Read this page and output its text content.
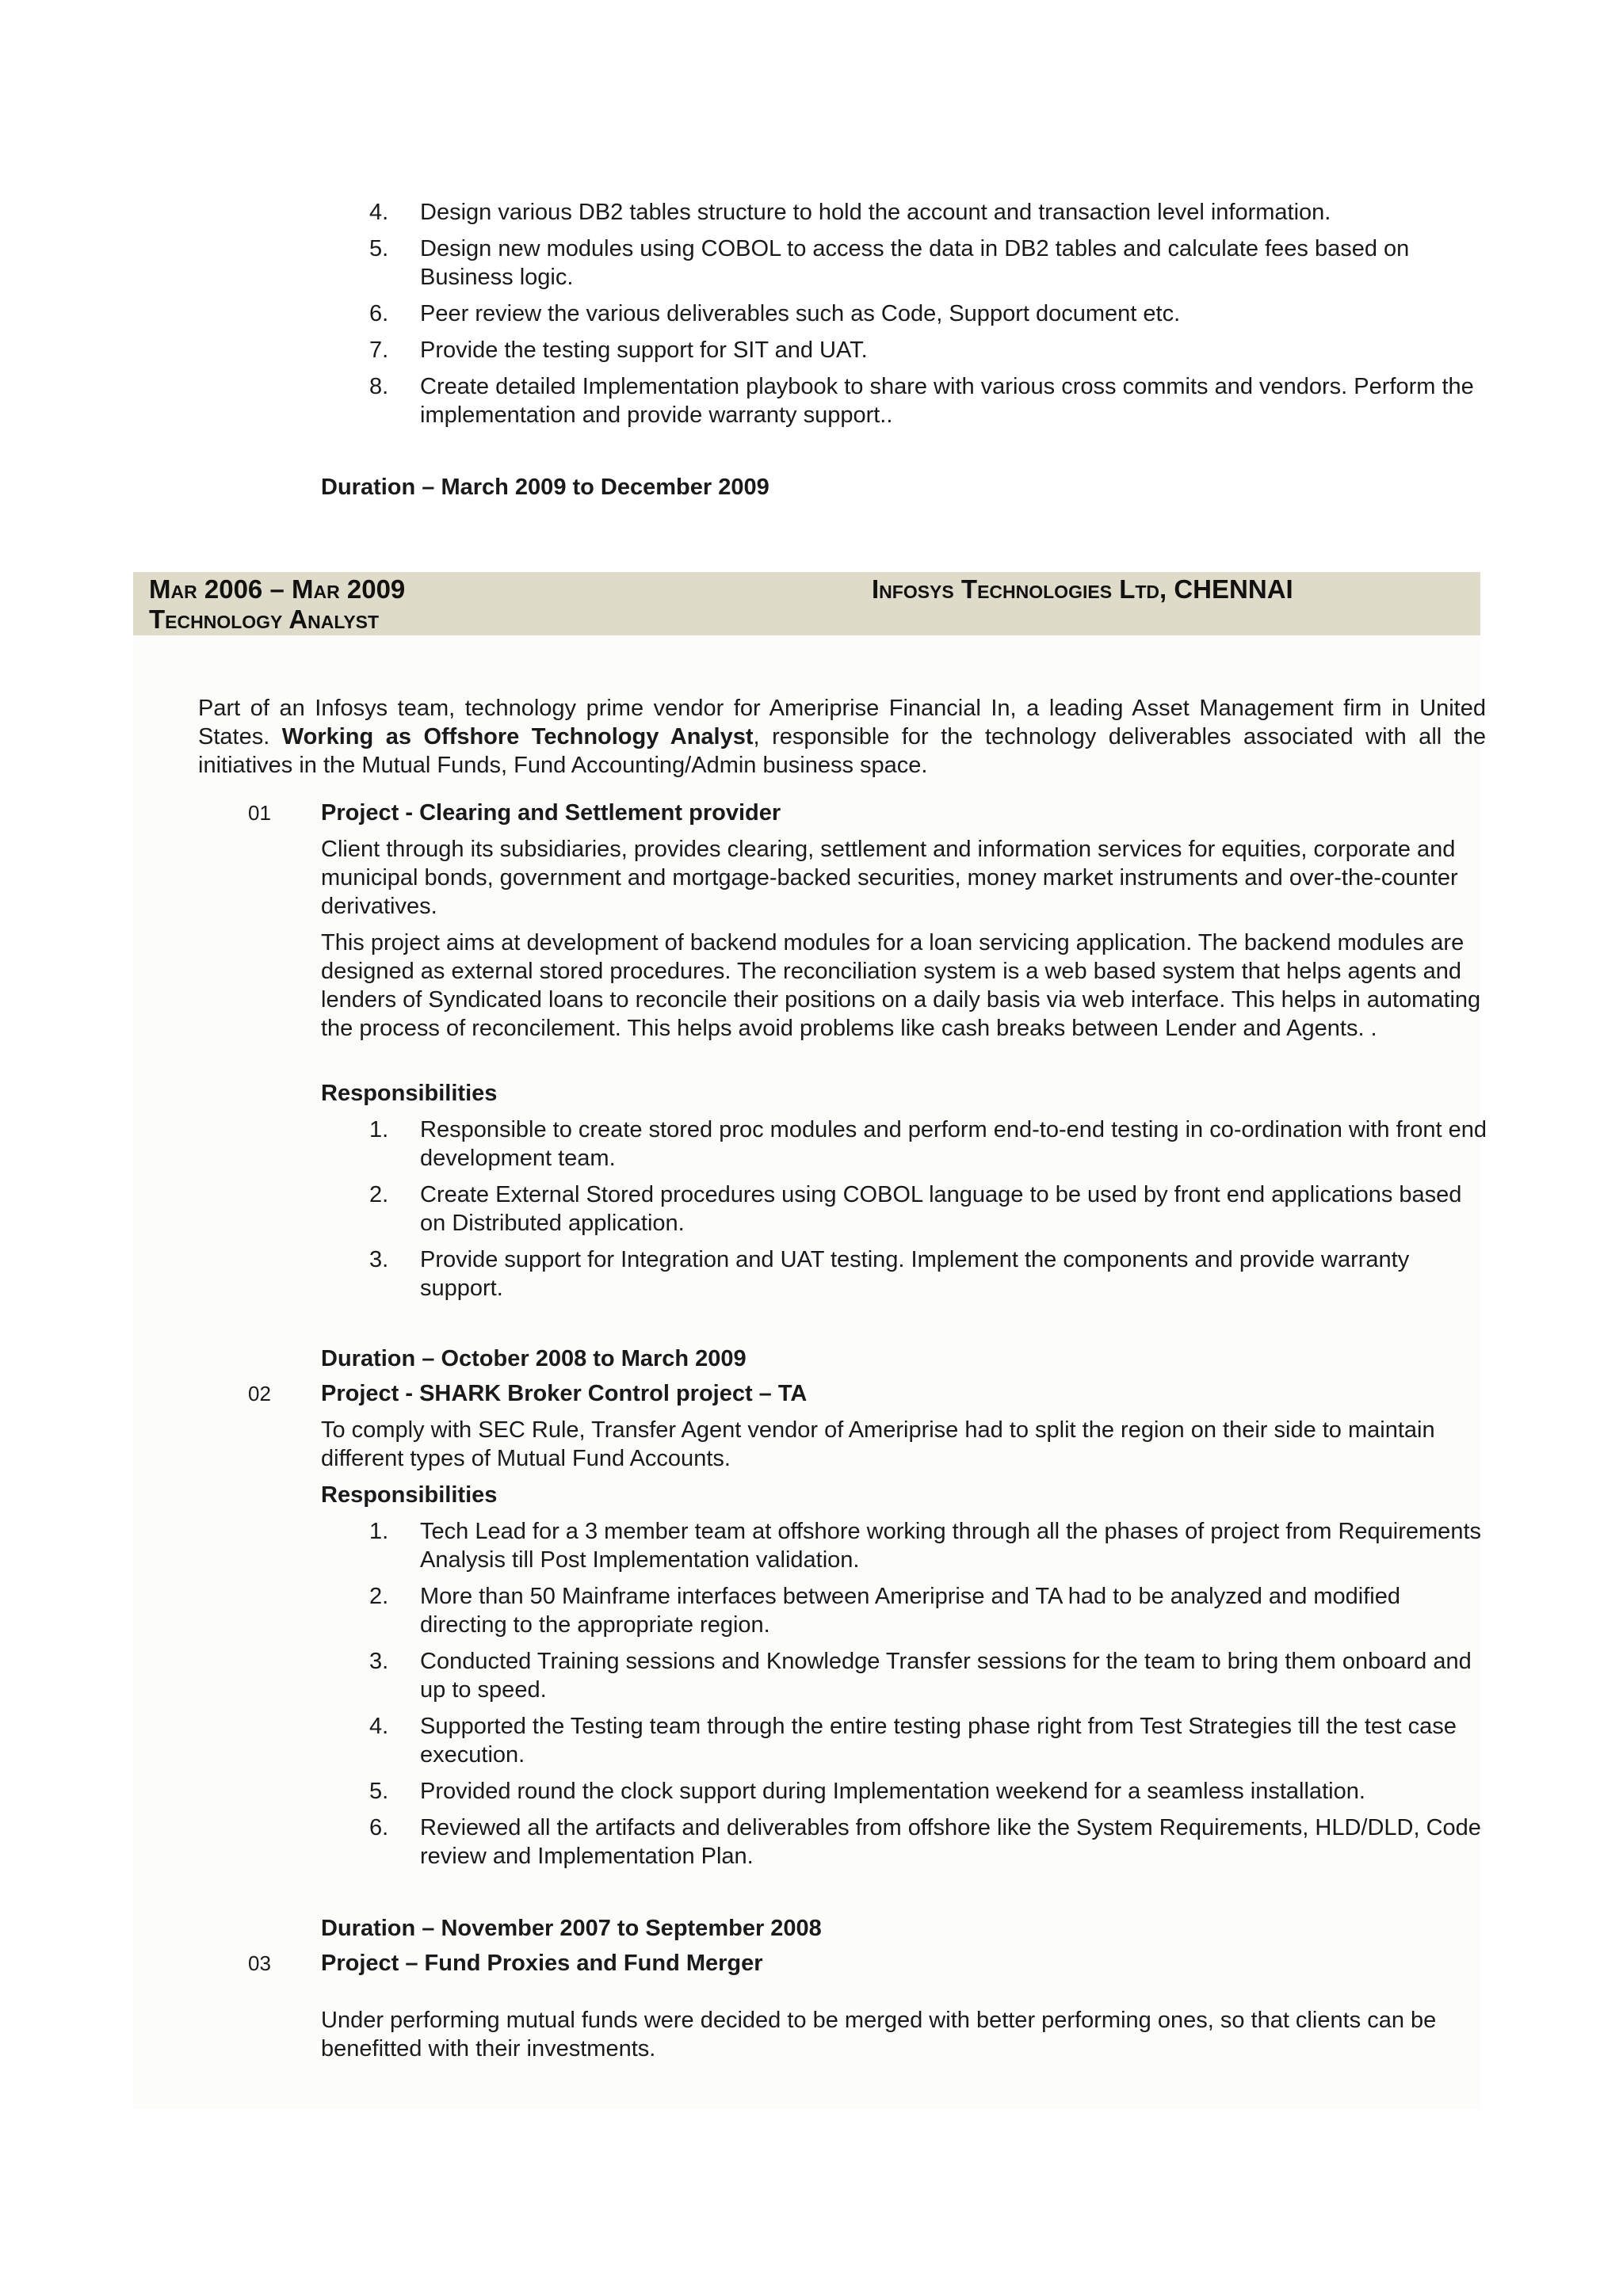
4.	Design various DB2 tables structure to hold the account and transaction level information.
5.	Design new modules using COBOL to access the data in DB2 tables and calculate fees based on Business logic.
6.	Peer review the various deliverables such as Code, Support document etc.
7.	Provide the testing support for SIT and UAT.
8.	Create detailed Implementation playbook to share with various cross commits and vendors. Perform the implementation and provide warranty support..
Duration – March 2009 to December 2009
Mar 2006 – Mar 2009	Infosys Technologies Ltd, CHENNAI
Technology Analyst
Part of an Infosys team, technology prime vendor for Ameriprise Financial In, a leading Asset Management firm in United States. Working as Offshore Technology Analyst, responsible for the technology deliverables associated with all the initiatives in the Mutual Funds, Fund Accounting/Admin business space.
01 Project - Clearing and Settlement provider
Client through its subsidiaries, provides clearing, settlement and information services for equities, corporate and municipal bonds, government and mortgage-backed securities, money market instruments and over-the-counter derivatives.
This project aims at development of backend modules for a loan servicing application. The backend modules are designed as external stored procedures. The reconciliation system is a web based system that helps agents and lenders of Syndicated loans to reconcile their positions on a daily basis via web interface. This helps in automating the process of reconcilement. This helps avoid problems like cash breaks between Lender and Agents. .
Responsibilities
1.	Responsible to create stored proc modules and perform end-to-end testing in co-ordination with front end development team.
2.	Create External Stored procedures using COBOL language to be used by front end applications based on Distributed application.
3.	Provide support for Integration and UAT testing. Implement the components and provide warranty support.
Duration – October 2008 to March 2009
02 Project - SHARK Broker Control project – TA
To comply with SEC Rule, Transfer Agent vendor of Ameriprise had to split the region on their side to maintain different types of Mutual Fund Accounts.
Responsibilities
1.	Tech Lead for a 3 member team at offshore working through all the phases of project from Requirements Analysis till Post Implementation validation.
2.	More than 50 Mainframe interfaces between Ameriprise and TA had to be analyzed and modified directing to the appropriate region.
3.	Conducted Training sessions and Knowledge Transfer sessions for the team to bring them onboard and up to speed.
4.	Supported the Testing team through the entire testing phase right from Test Strategies till the test case execution.
5.	Provided round the clock support during Implementation weekend for a seamless installation.
6.	Reviewed all the artifacts and deliverables from offshore like the System Requirements, HLD/DLD, Code review and Implementation Plan.
Duration – November 2007 to September 2008
03 Project – Fund Proxies and Fund Merger
Under performing mutual funds were decided to be merged with better performing ones, so that clients can be benefitted with their investments.
